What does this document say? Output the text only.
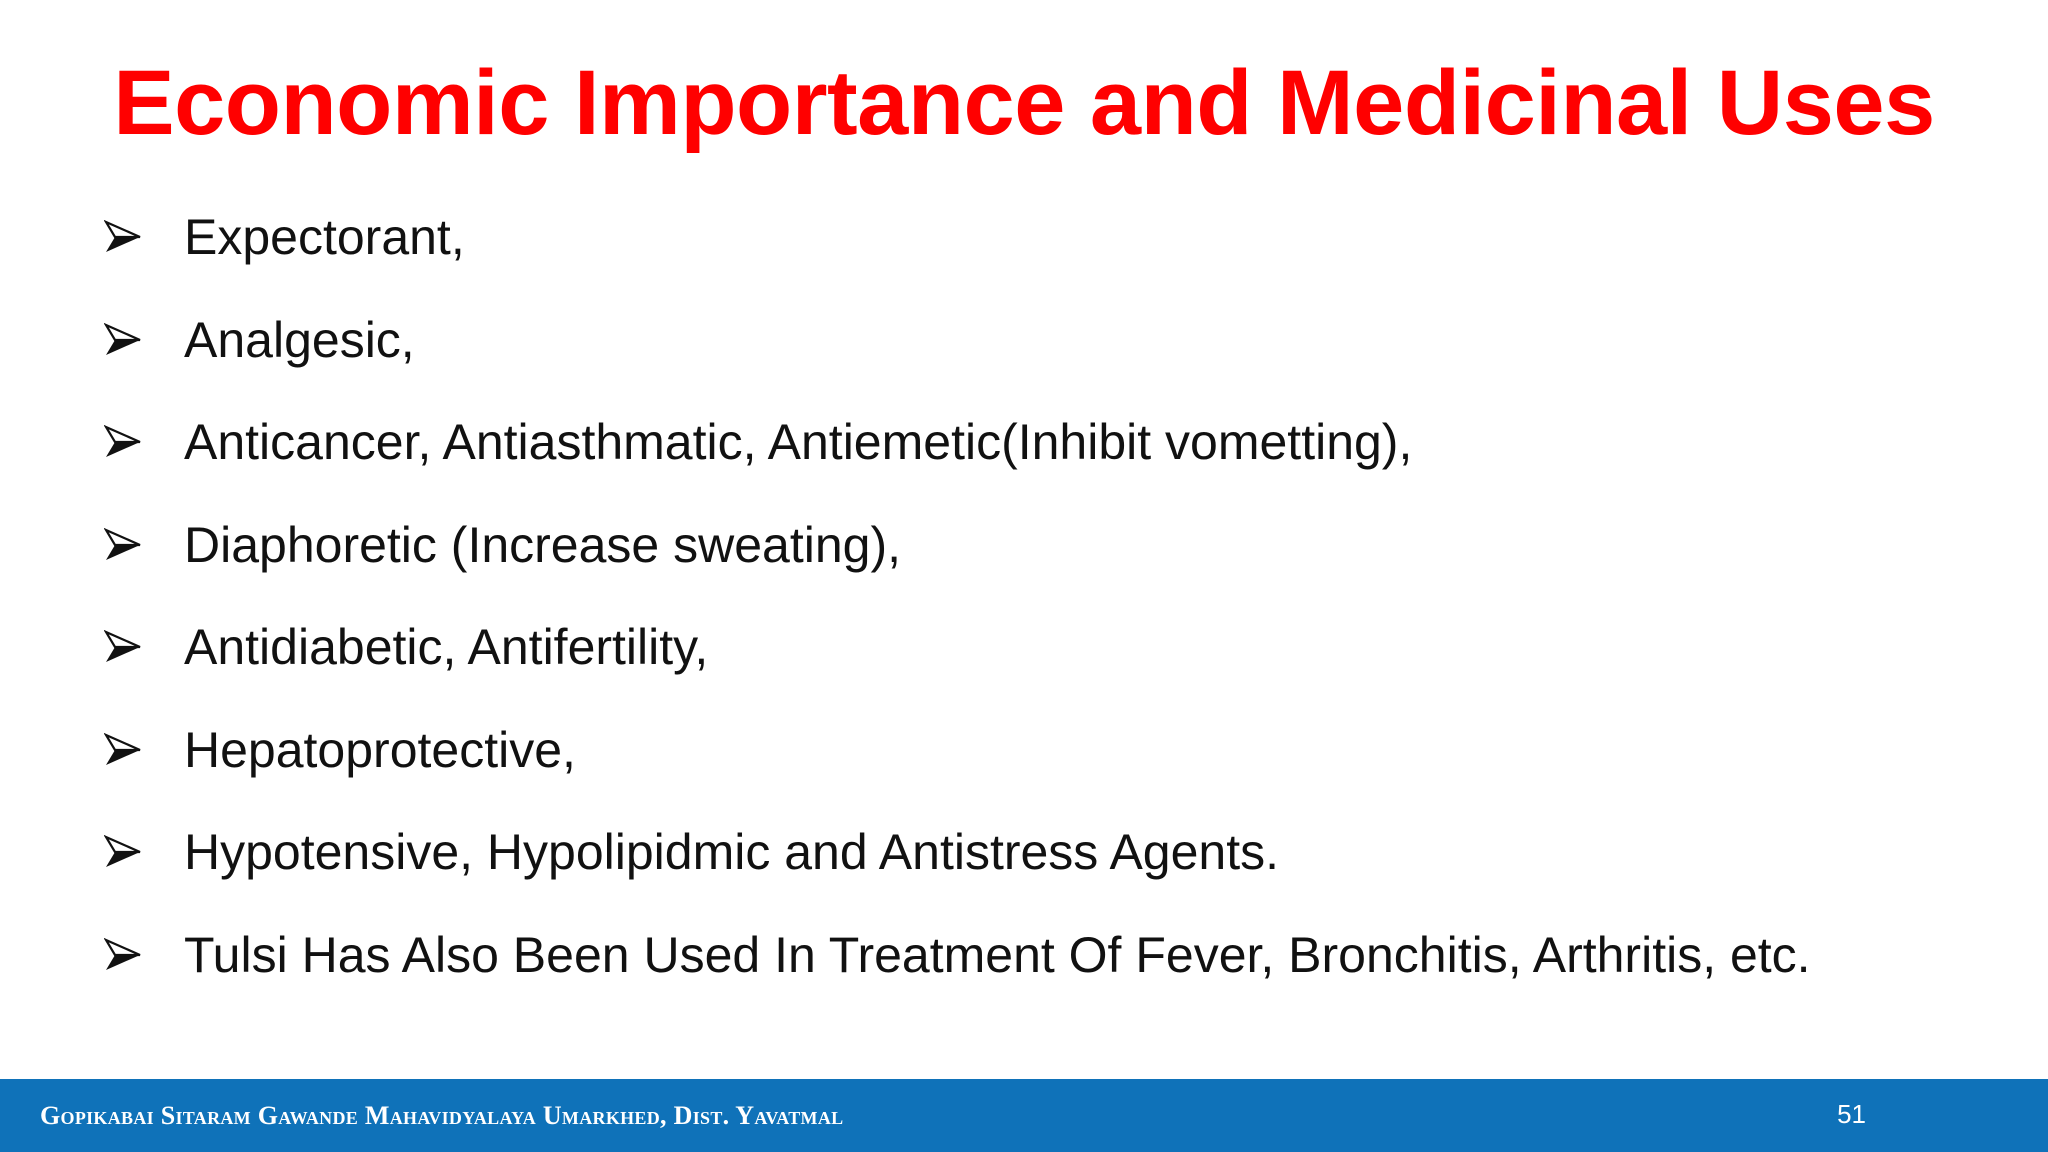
Economic Importance and Medicinal Uses
Expectorant,
Analgesic,
Anticancer, Antiasthmatic, Antiemetic(Inhibit vometting),
Diaphoretic (Increase sweating),
Antidiabetic, Antifertility,
Hepatoprotective,
Hypotensive, Hypolipidmic and Antistress Agents.
Tulsi Has Also Been Used In Treatment Of Fever, Bronchitis, Arthritis, etc.
Gopikabai Sitaram Gawande Mahavidyalaya Umarkhed, Dist. Yavatmal	51
